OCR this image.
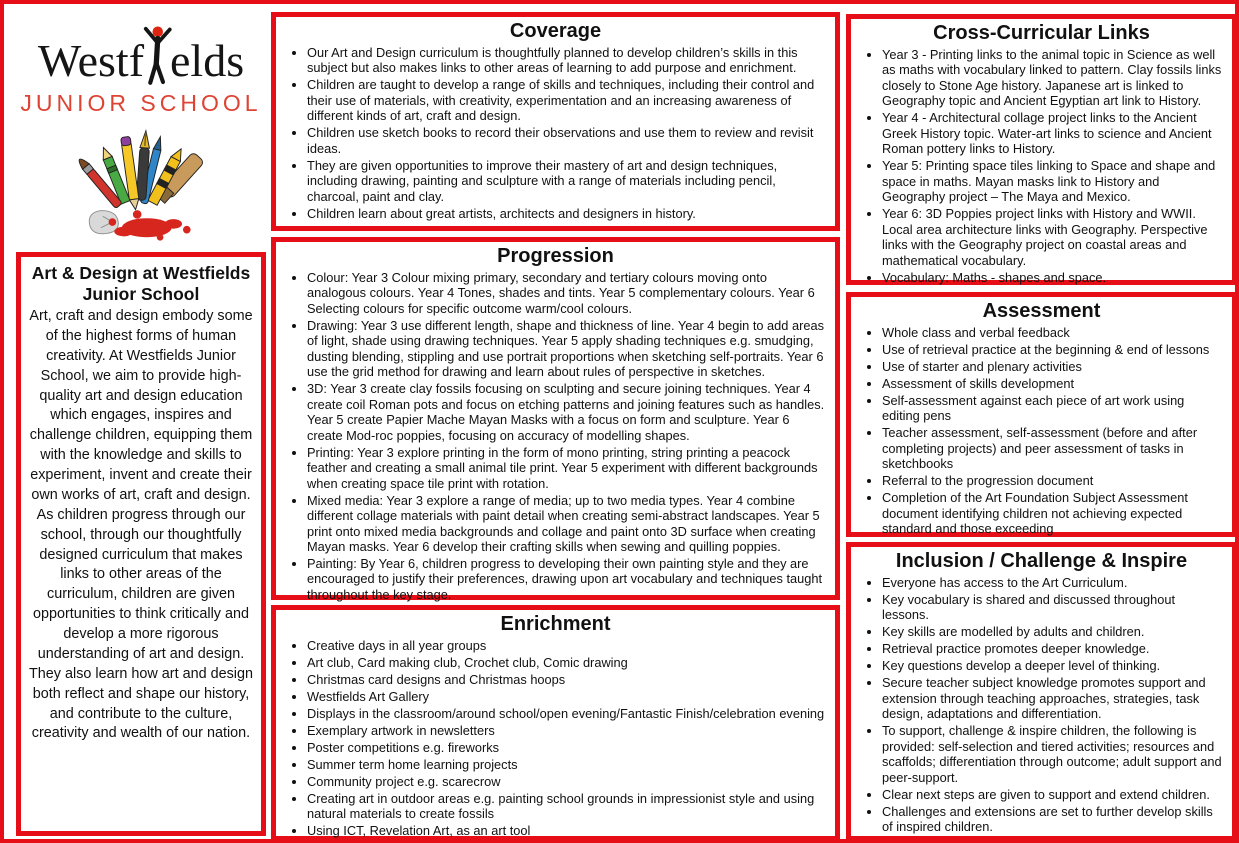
Westf elds
JUNIOR SCHOOL
Art & Design at Westfields Junior School

Art, craft and design embody some of the highest forms of human creativity. At Westfields Junior School, we aim to provide high-quality art and design education which engages, inspires and challenge children, equipping them with the knowledge and skills to experiment, invent and create their own works of art, craft and design. As children progress through our school, through our thoughtfully designed curriculum that makes links to other areas of the curriculum, children are given opportunities to think critically and develop a more rigorous understanding of art and design. They also learn how art and design both reflect and shape our history, and contribute to the culture, creativity and wealth of our nation.

Coverage
• Our Art and Design curriculum is thoughtfully planned to develop children’s skills in this subject but also makes links to other areas of learning to add purpose and enrichment.
• Children are taught to develop a range of skills and techniques, including their control and their use of materials, with creativity, experimentation and an increasing awareness of different kinds of art, craft and design.
• Children use sketch books to record their observations and use them to review and revisit ideas.
• They are given opportunities to improve their mastery of art and design techniques, including drawing, painting and sculpture with a range of materials including pencil, charcoal, paint and clay.
• Children learn about great artists, architects and designers in history.
Progression
• Colour: Year 3 Colour mixing primary, secondary and tertiary colours moving onto analogous colours. Year 4 Tones, shades and tints. Year 5 complementary colours. Year 6 Selecting colours for specific outcome warm/cool colours.
• Drawing: Year 3 use different length, shape and thickness of line. Year 4 begin to add areas of light, shade using drawing techniques. Year 5 apply shading techniques e.g. smudging, dusting blending, stippling and use portrait proportions when sketching self-portraits. Year 6 use the grid method for drawing and learn about rules of perspective in sketches.
• 3D: Year 3 create clay fossils focusing on sculpting and secure joining techniques. Year 4 create coil Roman pots and focus on etching patterns and joining features such as handles. Year 5 create Papier Mache Mayan Masks with a focus on form and sculpture. Year 6 create Mod-roc poppies, focusing on accuracy of modelling shapes.
• Printing: Year 3 explore printing in the form of mono printing, string printing a peacock feather and creating a small animal tile print. Year 5 experiment with different backgrounds when creating space tile print with rotation.
• Mixed media: Year 3 explore a range of media; up to two media types. Year 4 combine different collage materials with paint detail when creating semi-abstract landscapes. Year 5 print onto mixed media backgrounds and collage and paint onto 3D surface when creating Mayan masks. Year 6 develop their crafting skills when sewing and quilling poppies.
• Painting: By Year 6, children progress to developing their own painting style and they are encouraged to justify their preferences, drawing upon art vocabulary and techniques taught throughout the key stage.
•
Enrichment
• Creative days in all year groups
• Art club, Card making club, Crochet club, Comic drawing
• Christmas card designs and Christmas hoops
• Westfields Art Gallery
• Displays in the classroom/around school/open evening/Fantastic Finish/celebration evening
• Exemplary artwork in newsletters
• Poster competitions e.g. fireworks
• Summer term home learning projects
• Community project e.g. scarecrow
• Creating art in outdoor areas e.g. painting school grounds in impressionist style and using natural materials to create fossils
• Using ICT, Revelation Art, as an art tool
Cross-Curricular Links
• Year 3 - Printing links to the animal topic in Science as well as maths with vocabulary linked to pattern. Clay fossils links closely to Stone Age history. Japanese art is linked to Geography topic and Ancient Egyptian art link to History.
• Year 4 - Architectural collage project links to the Ancient Greek History topic. Water-art links to science and Ancient Roman pottery links to History.
• Year 5: Printing space tiles linking to Space and shape and space in maths. Mayan masks link to History and Geography project – The Maya and Mexico.
• Year 6: 3D Poppies project links with History and WWII. Local area architecture links with Geography. Perspective links with the Geography project on coastal areas and mathematical vocabulary.
• Vocabulary: Maths - shapes and space.
Assessment
• Whole class and verbal feedback
• Use of retrieval practice at the beginning & end of lessons
• Use of starter and plenary activities
• Assessment of skills development
• Self-assessment against each piece of art work using editing pens
• Teacher assessment, self-assessment (before and after completing projects) and peer assessment of tasks in sketchbooks
• Referral to the progression document
• Completion of the Art Foundation Subject Assessment document identifying children not achieving expected standard and those exceeding
Inclusion / Challenge & Inspire
• Everyone has access to the Art Curriculum.
• Key vocabulary is shared and discussed throughout lessons.
• Key skills are modelled by adults and children.
• Retrieval practice promotes deeper knowledge.
• Key questions develop a deeper level of thinking.
• Secure teacher subject knowledge promotes support and extension through teaching approaches, strategies, task design, adaptations and differentiation.
• To support, challenge & inspire children, the following is provided: self-selection and tiered activities; resources and scaffolds; differentiation through outcome; adult support and peer-support.
• Clear next steps are given to support and extend children.
• Challenges and extensions are set to further develop skills of inspired children.
